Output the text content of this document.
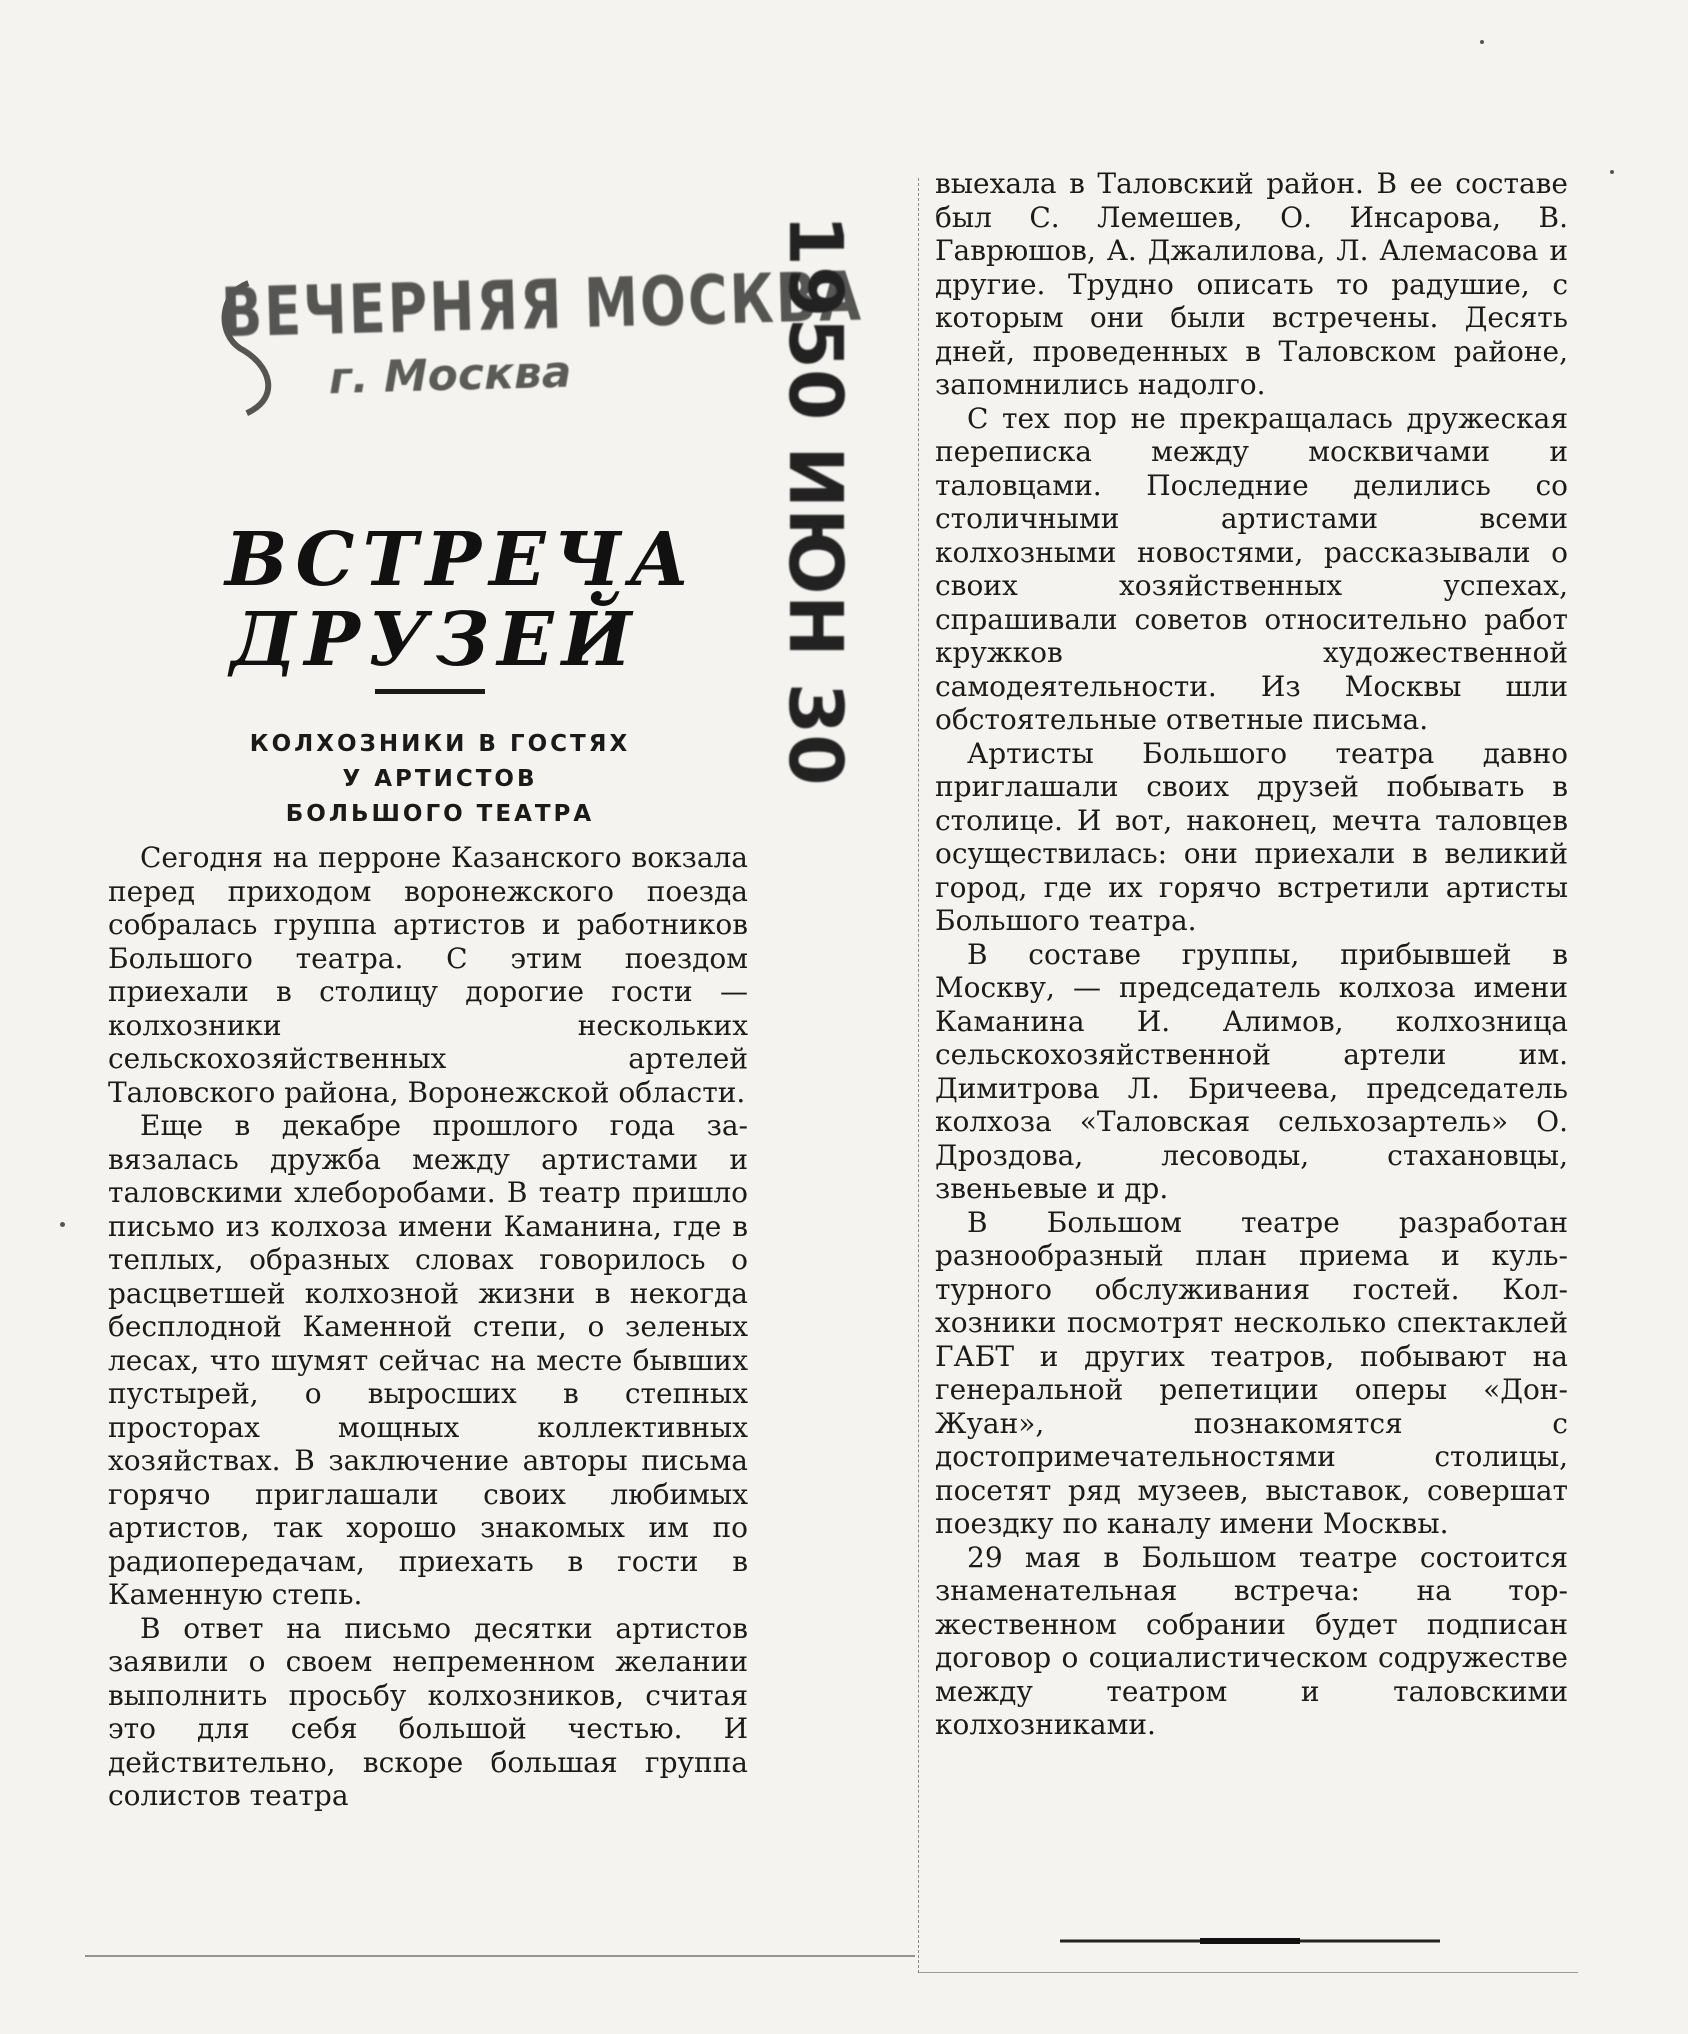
ВЕЧЕРНЯЯ МОСКВА
г. Москва	1950 ИЮН 30
ВСТРЕЧА
ДРУЗЕЙ
КОЛХОЗНИКИ В ГОСТЯХ
У АРТИСТОВ
БОЛЬШОГО ТЕАТРА

Сегодня на перроне Казанского вокзала перед приходом воронежского поезда собралась группа артистов и работников Большого театра. С этим поездом приехали в столицу дорогие гости — колхозники нескольких сельскохозяйственных артелей Таловского района, Воронежской области.

Еще в декабре прошлого года завязалась дружба между артистами и таловскими хлеборобами. В театр пришло письмо из колхоза имени Каманина, где в теплых, образных словах говорилось о расцветшей колхозной жизни в некогда бесплодной Каменной степи, о зеленых лесах, что шумят сейчас на месте бывших пустырей, о выросших в степных просторах мощных коллективных хозяйствах. В заключение авторы письма горячо приглашали своих любимых артистов, так хорошо знакомых им по радиопередачам, приехать в гости в Каменную степь.

В ответ на письмо десятки артистов заявили о своем непременном желании выполнить просьбу колхозников, считая это для себя большой честью. И действительно, вскоре большая группа солистов театра

выехала в Таловский район. В ее составе был С. Лемешев, О. Инсарова, В. Гаврюшов, А. Джалилова, Л. Алемасова и другие. Трудно описать то радушие, с которым они были встречены. Десять дней, проведенных в Таловском районе, запомнились надолго.

С тех пор не прекращалась дружеская переписка между москвичами и таловцами. Последние делились со столичными артистами всеми колхозными новостями, рассказывали о своих хозяйственных успехах, спрашивали советов относительно работ кружков художественной самодеятельности. Из Москвы шли обстоятельные ответные письма.

Артисты Большого театра давно приглашали своих друзей побывать в столице. И вот, наконец, мечта таловцев осуществилась: они приехали в великий город, где их горячо встретили артисты Большого театра.

В составе группы, прибывшей в Москву, — председатель колхоза имени Каманина И. Алимов, колхозница сельскохозяйственной артели им. Димитрова Л. Бричеева, председатель колхоза «Таловская сельхозартель» О. Дроздова, лесоводы, стахановцы, звеньевые и др.

В Большом театре разработан разнообразный план приема и культурного обслуживания гостей. Колхозники посмотрят несколько спектаклей ГАБТ и других театров, побывают на генеральной репетиции оперы «Дон-Жуан», познакомятся с достопримечательностями столицы, посетят ряд музеев, выставок, совершат поездку по каналу имени Москвы.

29 мая в Большом театре состоится знаменательная встреча: на торжественном собрании будет подписан договор о социалистическом содружестве между театром и таловскими колхозниками.
